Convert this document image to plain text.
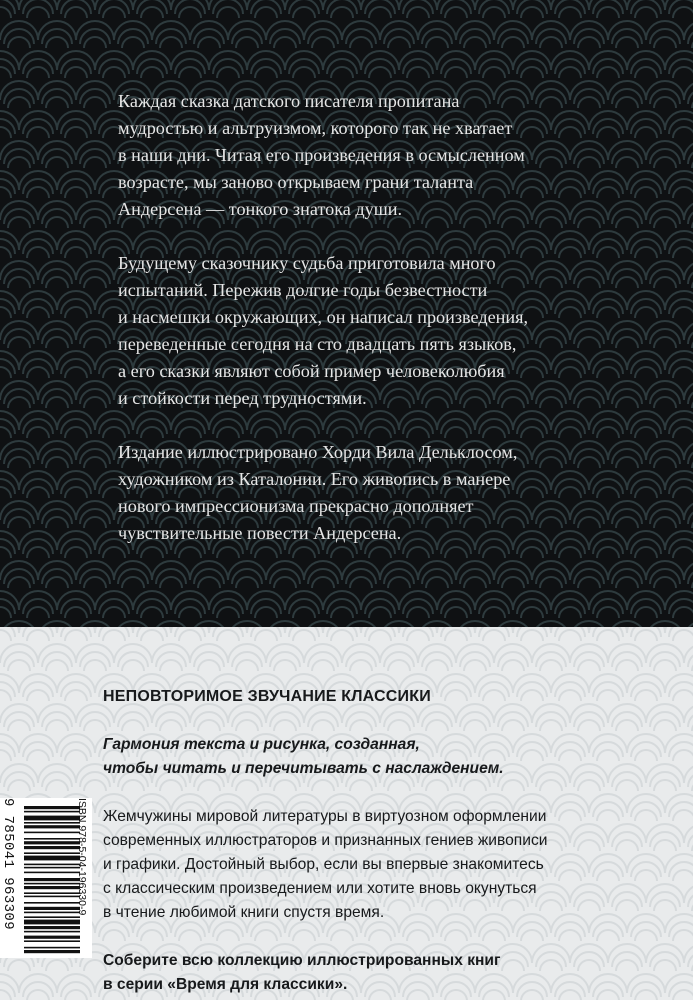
Каждая сказка датского писателя пропитана
мудростью и альтруизмом, которого так не хватает
в наши дни. Читая его произведения в осмысленном
возрасте, мы заново открываем грани таланта
Андерсена — тонкого знатока души.

Будущему сказочнику судьба приготовила много
испытаний. Пережив долгие годы безвестности
и насмешки окружающих, он написал произведения,
переведенные сегодня на сто двадцать пять языков,
а его сказки являют собой пример человеколюбия
и стойкости перед трудностями.

Издание иллюстрировано Хорди Вила Дельклосом,
художником из Каталонии. Его живопись в манере
нового импрессионизма прекрасно дополняет
чувствительные повести Андерсена.

НЕПОВТОРИМОЕ ЗВУЧАНИЕ КЛАССИКИ
Гармония текста и рисунка, созданная,
чтобы читать и перечитывать с наслаждением.
Жемчужины мировой литературы в виртуозном оформлении
современных иллюстраторов и признанных гениев живописи
и графики. Достойный выбор, если вы впервые знакомитесь
с классическим произведением или хотите вновь окунуться
в чтение любимой книги спустя время.
Соберите всю коллекцию иллюстрированных книг
в серии «Время для классики».
ISBN 978-5-04-196330-9
9 785041 963309
